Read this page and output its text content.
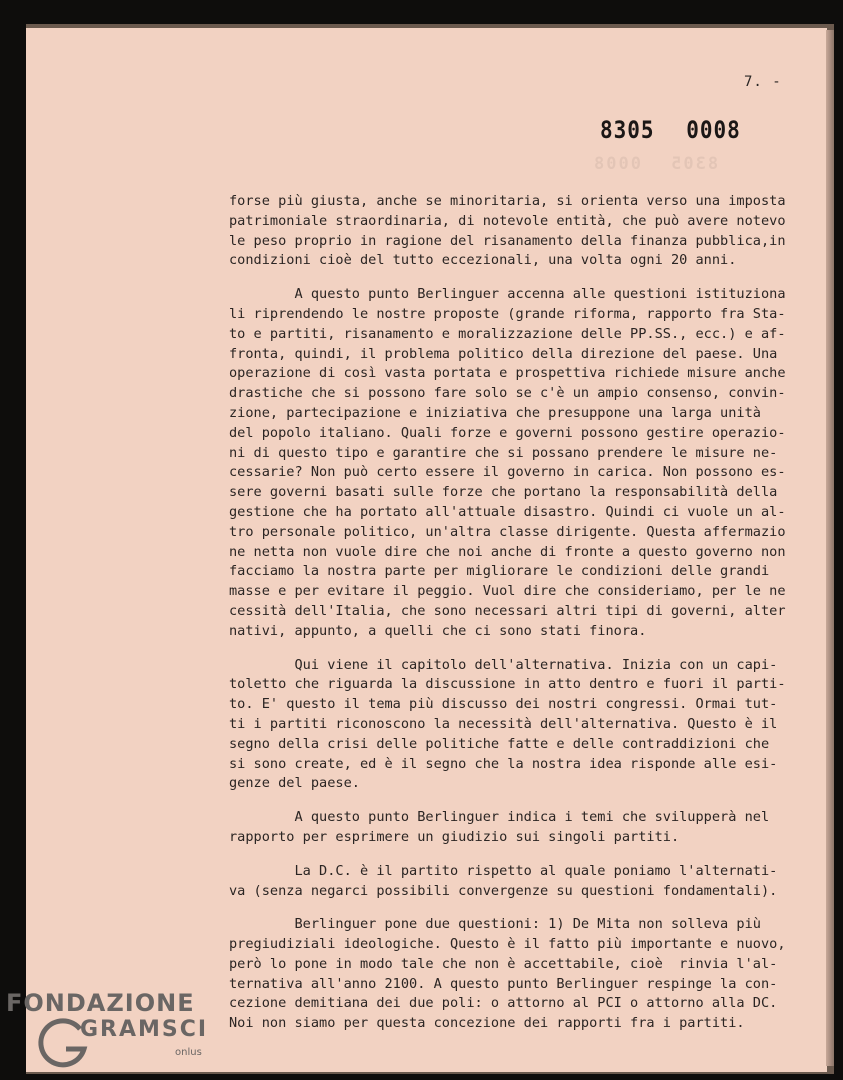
7. -
8305 0008
8305 0008
forse più giusta, anche se minoritaria, si orienta verso una imposta
patrimoniale straordinaria, di notevole entità, che può avere notevo
le peso proprio in ragione del risanamento della finanza pubblica,in
condizioni cioè del tutto eccezionali, una volta ogni 20 anni.
A questo punto Berlinguer accenna alle questioni istituziona
li riprendendo le nostre proposte (grande riforma, rapporto fra Sta-
to e partiti, risanamento e moralizzazione delle PP.SS., ecc.) e af-
fronta, quindi, il problema politico della direzione del paese. Una
operazione di così vasta portata e prospettiva richiede misure anche
drastiche che si possono fare solo se c'è un ampio consenso, convin-
zione, partecipazione e iniziativa che presuppone una larga unità
del popolo italiano. Quali forze e governi possono gestire operazio-
ni di questo tipo e garantire che si possano prendere le misure ne-
cessarie? Non può certo essere il governo in carica. Non possono es-
sere governi basati sulle forze che portano la responsabilità della
gestione che ha portato all'attuale disastro. Quindi ci vuole un al-
tro personale politico, un'altra classe dirigente. Questa affermazio
ne netta non vuole dire che noi anche di fronte a questo governo non
facciamo la nostra parte per migliorare le condizioni delle grandi
masse e per evitare il peggio. Vuol dire che consideriamo, per le ne
cessità dell'Italia, che sono necessari altri tipi di governi, alter
nativi, appunto, a quelli che ci sono stati finora.
Qui viene il capitolo dell'alternativa. Inizia con un capi-
toletto che riguarda la discussione in atto dentro e fuori il parti-
to. E' questo il tema più discusso dei nostri congressi. Ormai tut-
ti i partiti riconoscono la necessità dell'alternativa. Questo è il
segno della crisi delle politiche fatte e delle contraddizioni che
si sono create, ed è il segno che la nostra idea risponde alle esi-
genze del paese.
A questo punto Berlinguer indica i temi che svilupperà nel
rapporto per esprimere un giudizio sui singoli partiti.
La D.C. è il partito rispetto al quale poniamo l'alternati-
va (senza negarci possibili convergenze su questioni fondamentali).
Berlinguer pone due questioni: 1) De Mita non solleva più
pregiudiziali ideologiche. Questo è il fatto più importante e nuovo,
però lo pone in modo tale che non è accettabile, cioè  rinvia l'al-
ternativa all'anno 2100. A questo punto Berlinguer respinge la con-
cezione demitiana dei due poli: o attorno al PCI o attorno alla DC.
Noi non siamo per questa concezione dei rapporti fra i partiti.
FONDAZIONE
GRAMSCI
onlus
